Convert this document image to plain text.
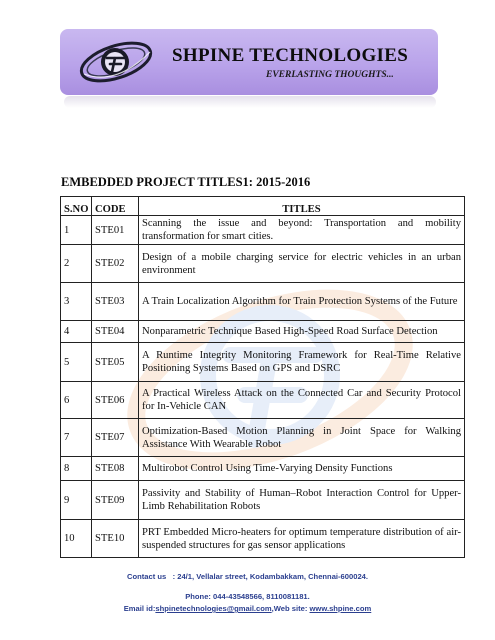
SHPINE TECHNOLOGIES
EVERLASTING THOUGHTS...
EMBEDDED PROJECT TITLES1: 2015-2016
S.NO	CODE	TITLES
1	STE01	Scanning the issue and beyond: Transportation and mobility transformation for smart cities.
2	STE02	Design of a mobile charging service for electric vehicles in an urban environment
3	STE03	A Train Localization Algorithm for Train Protection Systems of the Future
4	STE04	Nonparametric Technique Based High-Speed Road Surface Detection
5	STE05	A Runtime Integrity Monitoring Framework for Real-Time Relative Positioning Systems Based on GPS and DSRC
6	STE06	A Practical Wireless Attack on the Connected Car and Security Protocol for In-Vehicle CAN
7	STE07	Optimization-Based Motion Planning in Joint Space for Walking Assistance With Wearable Robot
8	STE08	Multirobot Control Using Time-Varying Density Functions
9	STE09	Passivity and Stability of Human–Robot Interaction Control for Upper-Limb Rehabilitation Robots
10	STE10	PRT Embedded Micro-heaters for optimum temperature distribution of air-suspended structures for gas sensor applications
Contact us : 24/1, Vellalar street, Kodambakkam, Chennai-600024.
Phone: 044-43548566, 8110081181.
Email id:shpinetechnologies@gmail.com,Web site: www.shpine.com
